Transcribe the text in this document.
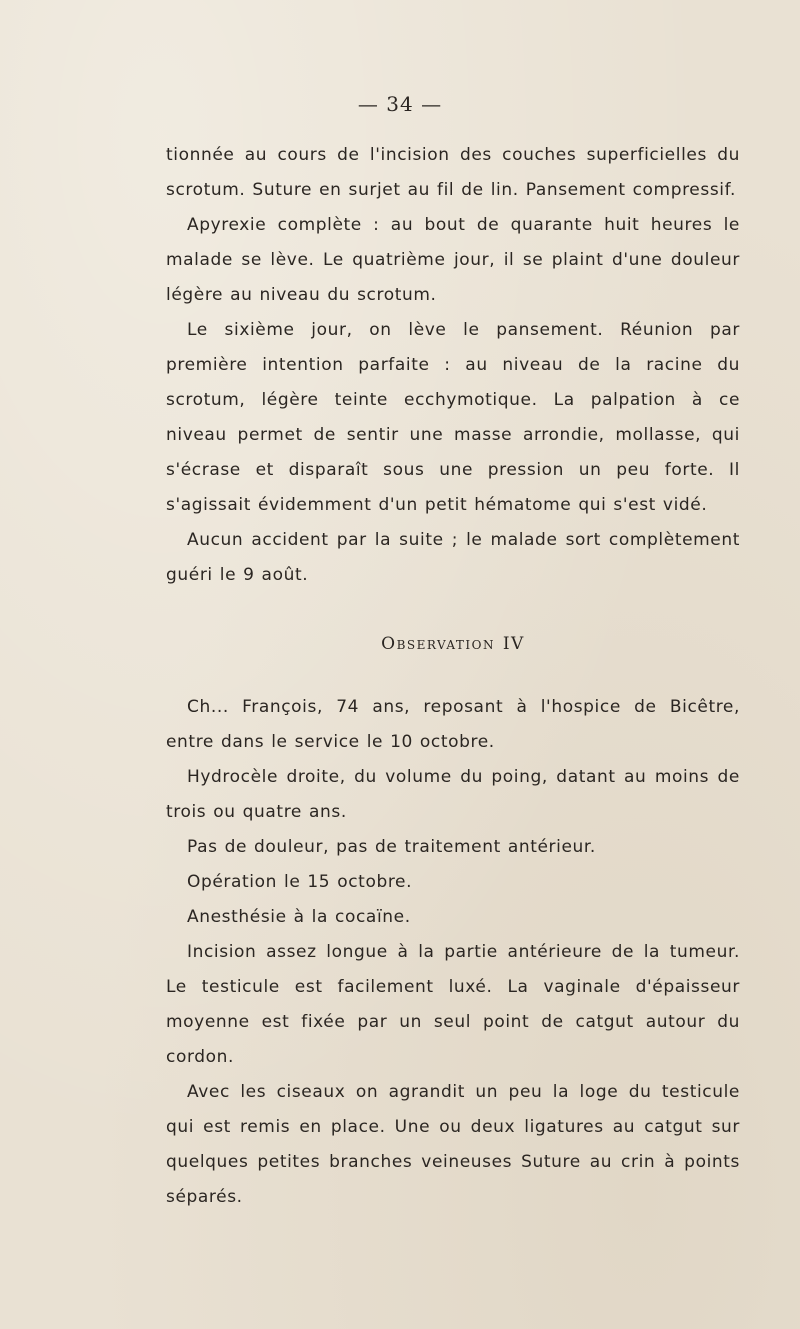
— 34 —

tionnée au cours de l'incision des couches superficielles du scrotum. Suture en surjet au fil de lin. Pansement compressif.

Apyrexie complète : au bout de quarante huit heures le malade se lève. Le quatrième jour, il se plaint d'une douleur légère au niveau du scrotum.

Le sixième jour, on lève le pansement. Réunion par première intention parfaite : au niveau de la racine du scrotum, légère teinte ecchymotique. La palpation à ce niveau permet de sentir une masse arrondie, mollasse, qui s'écrase et disparaît sous une pression un peu forte. Il s'agissait évidemment d'un petit hématome qui s'est vidé.

Aucun accident par la suite ; le malade sort complètement guéri le 9 août.

Observation IV

Ch... François, 74 ans, reposant à l'hospice de Bicêtre, entre dans le service le 10 octobre.

Hydrocèle droite, du volume du poing, datant au moins de trois ou quatre ans.

Pas de douleur, pas de traitement antérieur.

Opération le 15 octobre.

Anesthésie à la cocaïne.

Incision assez longue à la partie antérieure de la tumeur. Le testicule est facilement luxé. La vaginale d'épaisseur moyenne est fixée par un seul point de catgut autour du cordon.

Avec les ciseaux on agrandit un peu la loge du testicule qui est remis en place. Une ou deux ligatures au catgut sur quelques petites branches veineuses Suture au crin à points séparés.
